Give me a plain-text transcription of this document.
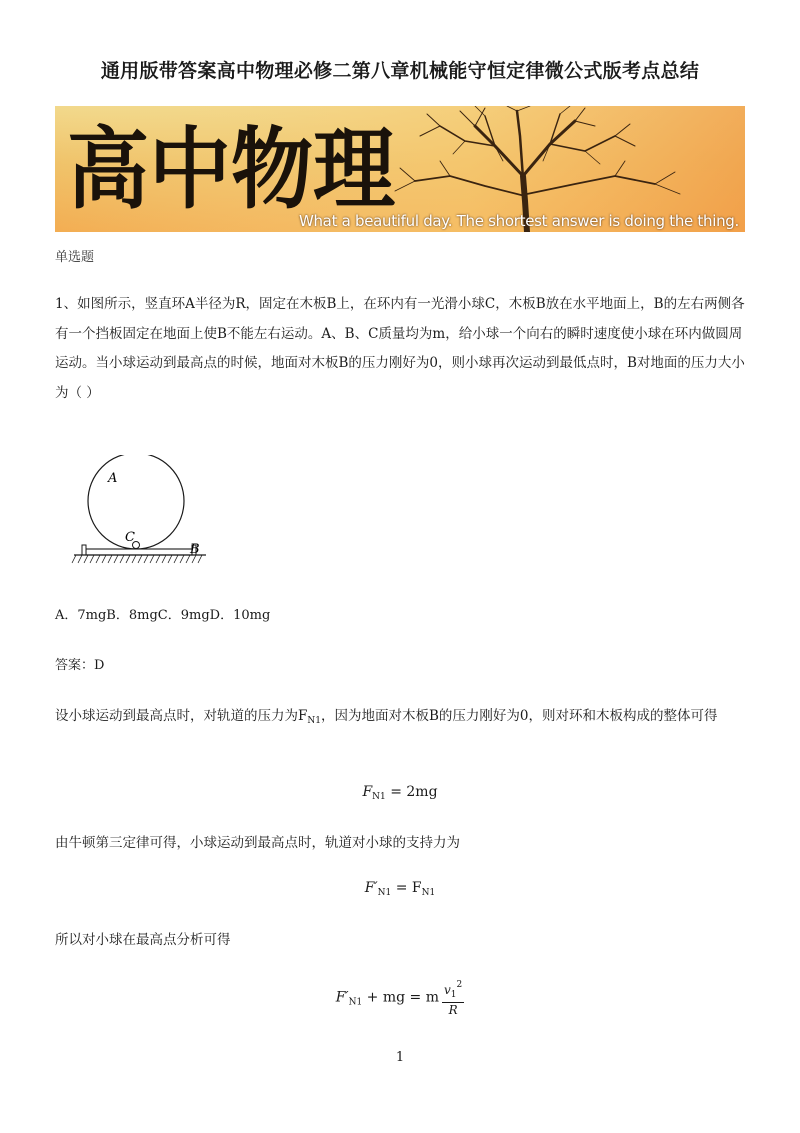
通用版带答案高中物理必修二第八章机械能守恒定律微公式版考点总结
高中物理
What a beautiful day. The shortest answer is doing the thing.
单选题
1、如图所示，竖直环A半径为R，固定在木板B上，在环内有一光滑小球C，木板B放在水平地面上，B的左右两侧各有一个挡板固定在地面上使B不能左右运动。A、B、C质量均为m，给小球一个向右的瞬时速度使小球在环内做圆周运动。当小球运动到最高点的时候，地面对木板B的压力刚好为0，则小球再次运动到最低点时，B对地面的压力大小为（ ）
A
C
B
A．7mgB．8mgC．9mgD．10mg
答案：D
设小球运动到最高点时，对轨道的压力为$F_{N1}$，因为地面对木板B的压力刚好为0，则对环和木板构成的整体可得
$F_{N1} = 2mg$
由牛顿第三定律可得，小球运动到最高点时，轨道对小球的支持力为
$F'_{N1} = F_{N1}$
所以对小球在最高点分析可得
$F'_{N1}$ + mg = m $\frac{v_1^2}{R}$
1
